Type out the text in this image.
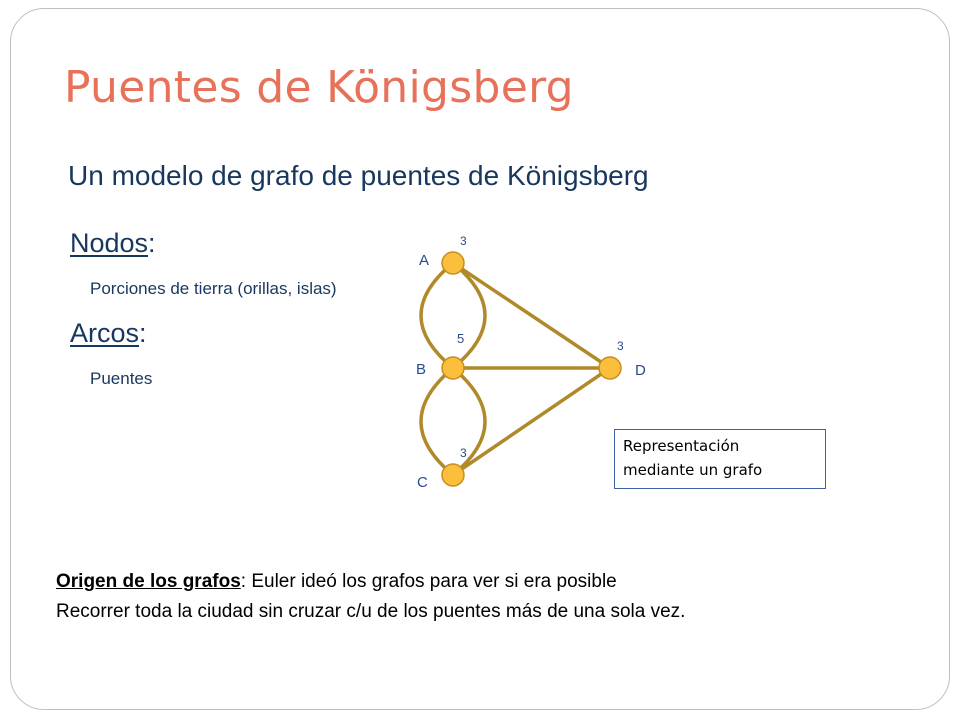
Puentes de Königsberg
Un modelo de grafo de puentes de Königsberg
Nodos:
Porciones de tierra (orillas, islas)
Arcos:
Puentes
A
3
B
5
C
3
D
3
Representación
mediante un grafo
Origen de los grafos: Euler ideó los grafos para ver si era posible
Recorrer toda la ciudad sin cruzar c/u de los puentes más de una sola vez.
